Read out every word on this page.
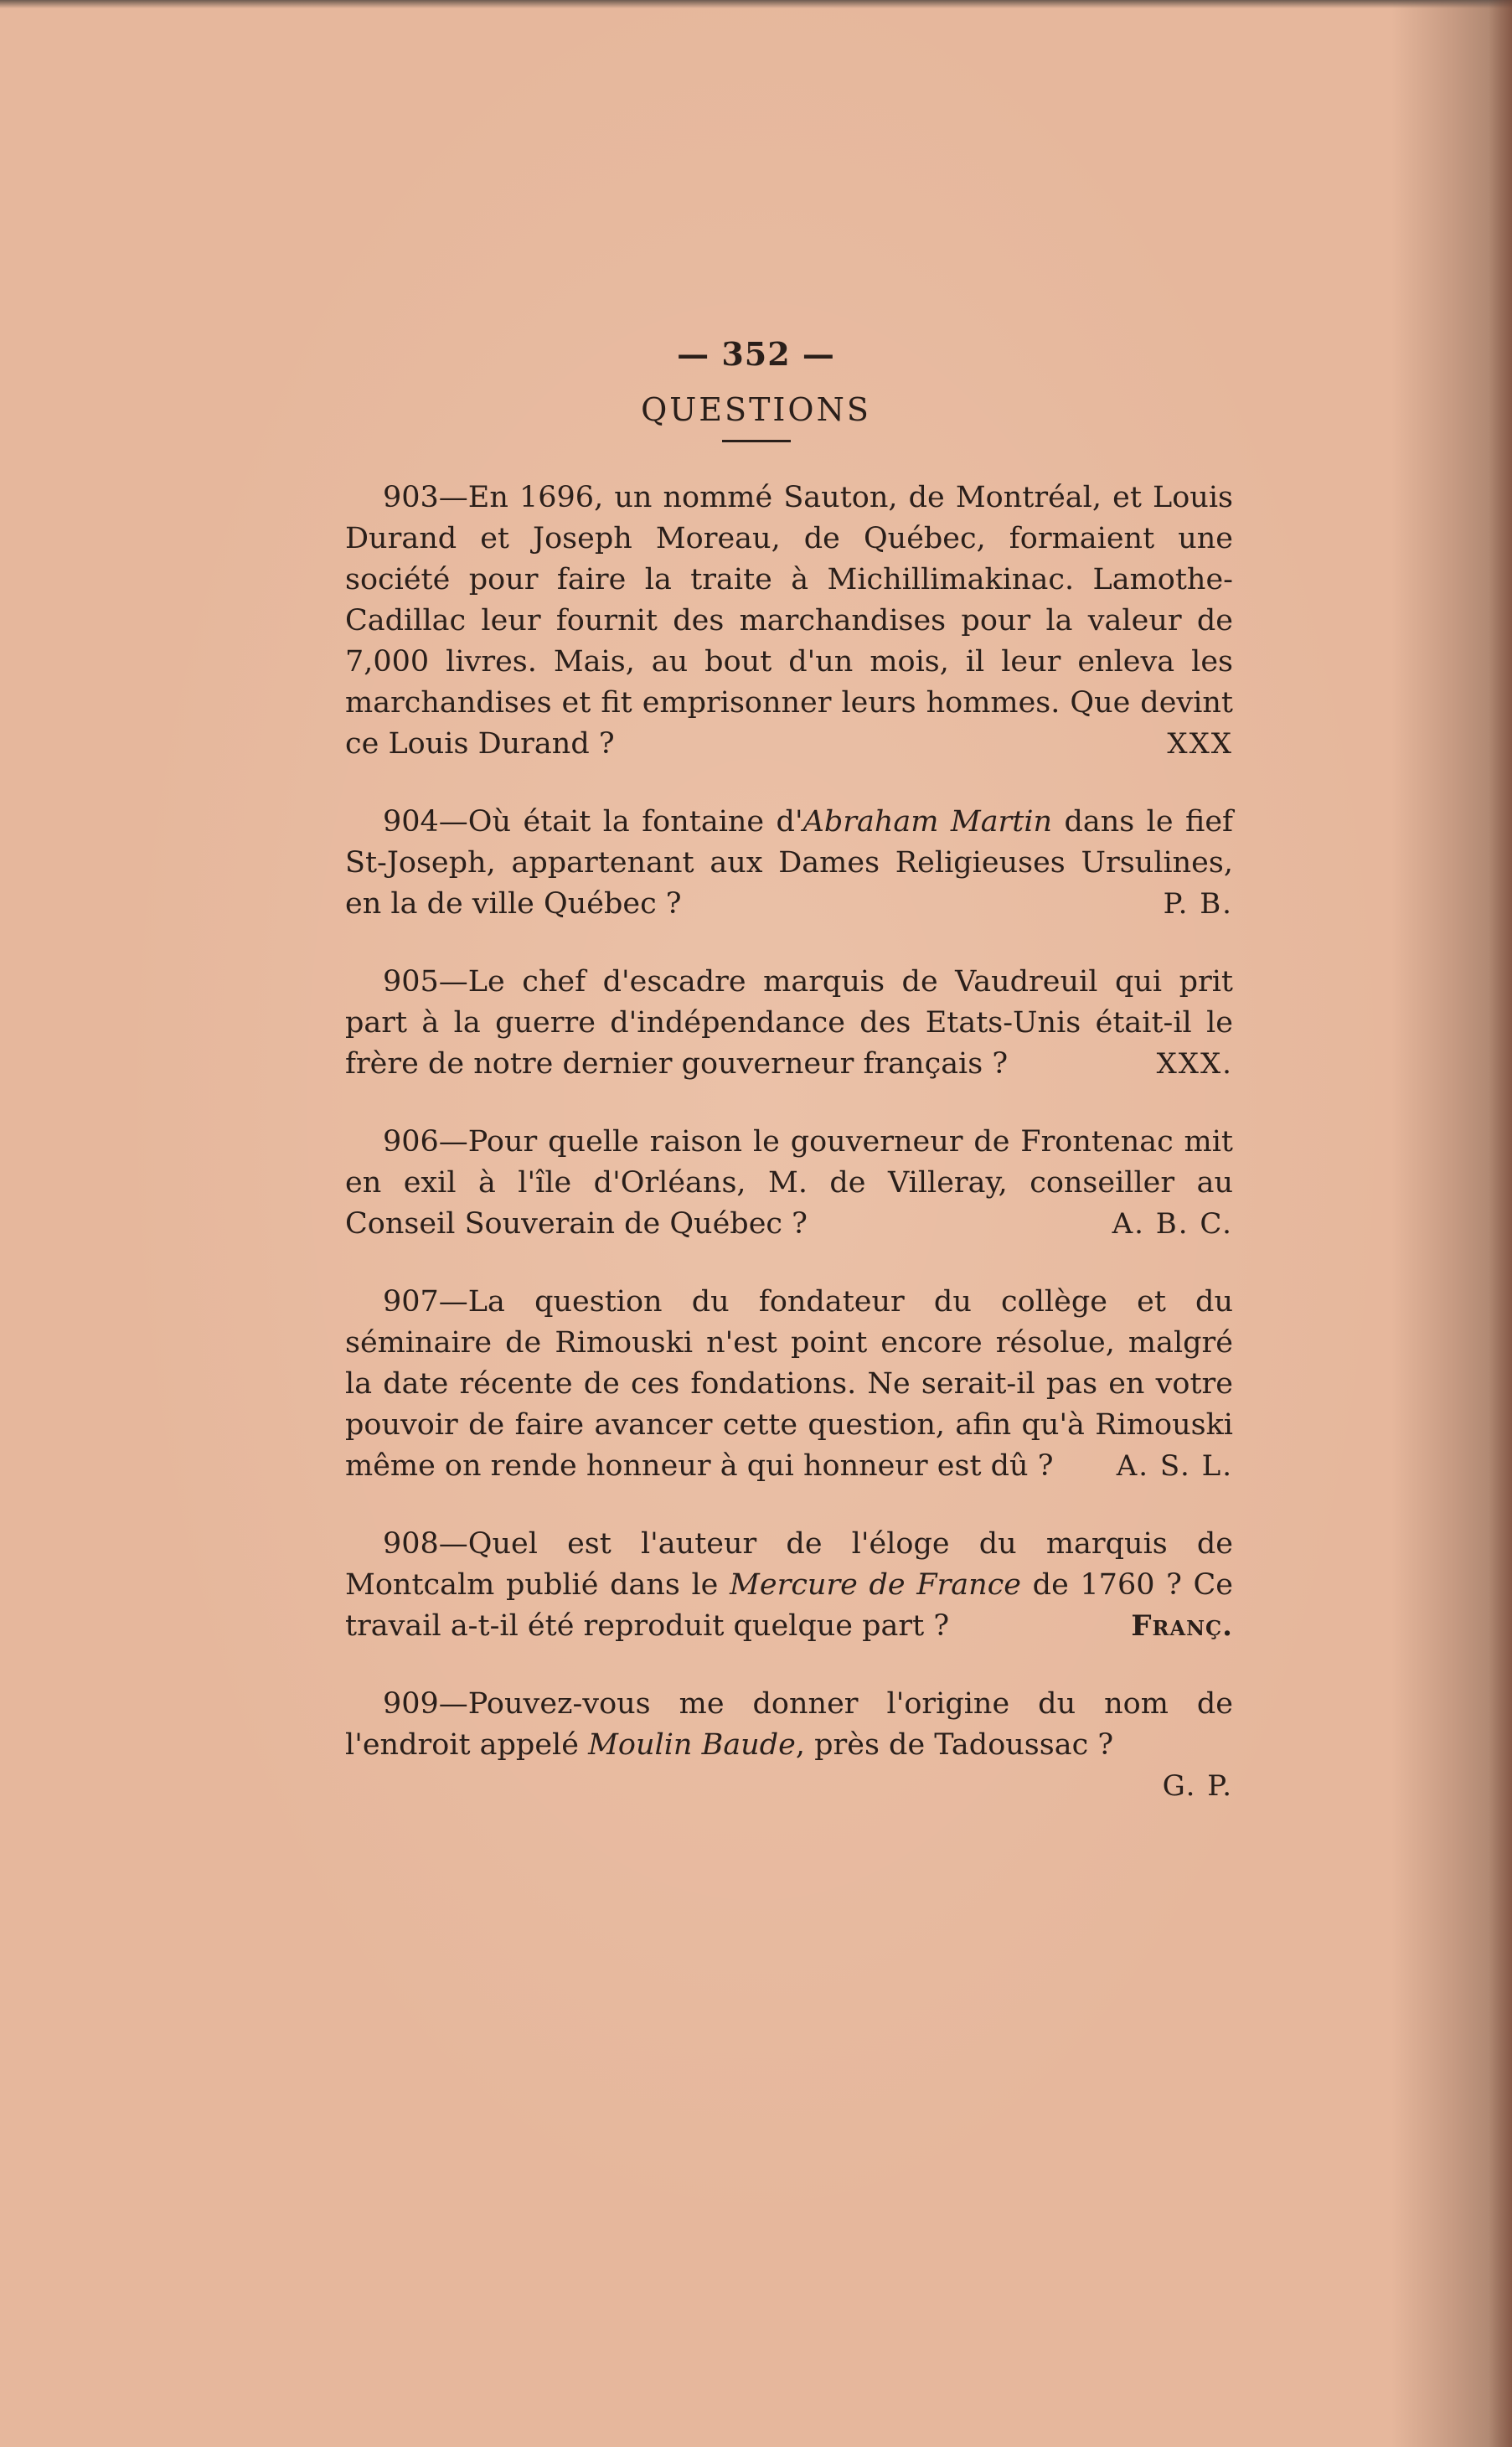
— 352 —
QUESTIONS

903—En 1696, un nommé Sauton, de Montréal, et Louis Durand et Joseph Moreau, de Québec, formaient une société pour faire la traite à Michillimakinac. Lamothe-Cadillac leur fournit des marchandises pour la valeur de 7,000 livres. Mais, au bout d'un mois, il leur enleva les marchandises et fit emprisonner leurs hommes. Que devint ce Louis Durand ?	XXX

904—Où était la fontaine d'Abraham Martin dans le fief St-Joseph, appartenant aux Dames Religieuses Ursulines, en la de ville Québec ?	P. B.

905—Le chef d'escadre marquis de Vaudreuil qui prit part à la guerre d'indépendance des Etats-Unis était-il le frère de notre dernier gouverneur français ?	XXX.

906—Pour quelle raison le gouverneur de Frontenac mit en exil à l'île d'Orléans, M. de Villeray, conseiller au Conseil Souverain de Québec ?	A. B. C.

907—La question du fondateur du collège et du séminaire de Rimouski n'est point encore résolue, malgré la date récente de ces fondations. Ne serait-il pas en votre pouvoir de faire avancer cette question, afin qu'à Rimouski même on rende honneur à qui honneur est dû ?	A. S. L.

908—Quel est l'auteur de l'éloge du marquis de Montcalm publié dans le Mercure de France de 1760 ? Ce travail a-t-il été reproduit quelque part ?	Franç.

909—Pouvez-vous me donner l'origine du nom de l'endroit appelé Moulin Baude, près de Tadoussac ?
G. P.
